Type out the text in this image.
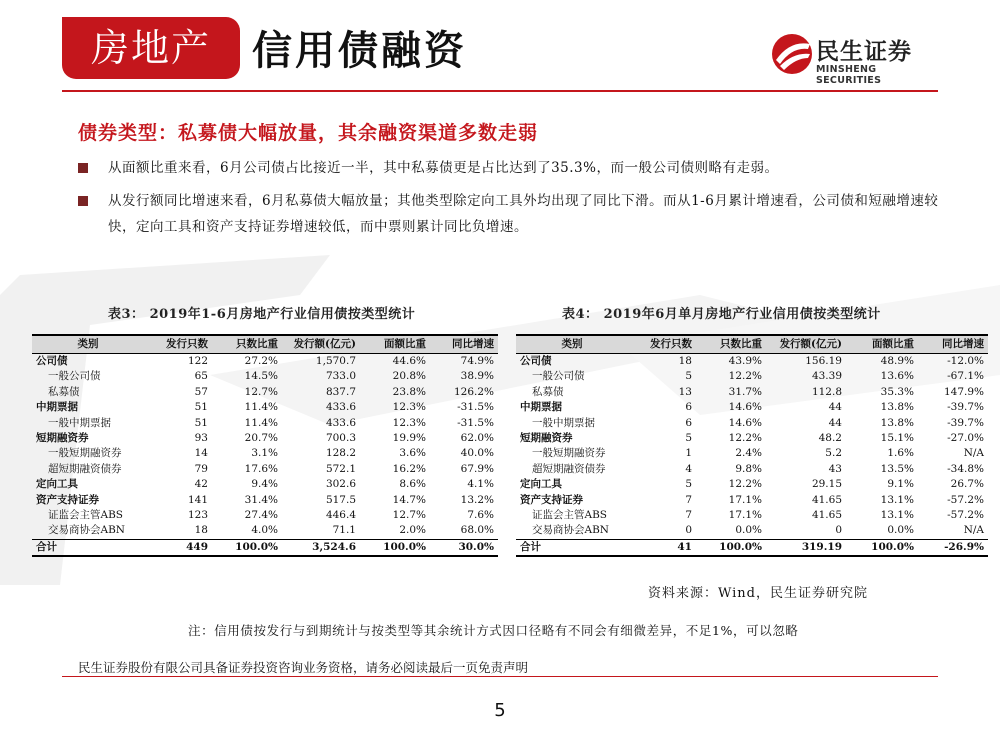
房地产	信用债融资	民生证券
MINSHENG SECURITIES
债券类型：私募债大幅放量，其余融资渠道多数走弱
从面额比重来看，6月公司债占比接近一半，其中私募债更是占比达到了35.3%，而一般公司债则略有走弱。
从发行额同比增速来看，6月私募债大幅放量；其他类型除定向工具外均出现了同比下滑。而从1-6月累计增速看，公司债和短融增速较快，定向工具和资产支持证券增速较低，而中票则累计同比负增速。
表3： 2019年1-6月房地产行业信用债按类型统计	表4： 2019年6月单月房地产行业信用债按类型统计
类别	发行只数	只数比重	发行额(亿元)	面额比重	同比增速
公司债	122	27.2%	1,570.7	44.6%	74.9%
一般公司债	65	14.5%	733.0	20.8%	38.9%
私募债	57	12.7%	837.7	23.8%	126.2%
中期票据	51	11.4%	433.6	12.3%	-31.5%
一般中期票据	51	11.4%	433.6	12.3%	-31.5%
短期融资券	93	20.7%	700.3	19.9%	62.0%
一般短期融资券	14	3.1%	128.2	3.6%	40.0%
超短期融资债券	79	17.6%	572.1	16.2%	67.9%
定向工具	42	9.4%	302.6	8.6%	4.1%
资产支持证券	141	31.4%	517.5	14.7%	13.2%
证监会主管ABS	123	27.4%	446.4	12.7%	7.6%
交易商协会ABN	18	4.0%	71.1	2.0%	68.0%
合计	449	100.0%	3,524.6	100.0%	30.0%
类别	发行只数	只数比重	发行额(亿元)	面额比重	同比增速
公司债	18	43.9%	156.19	48.9%	-12.0%
一般公司债	5	12.2%	43.39	13.6%	-67.1%
私募债	13	31.7%	112.8	35.3%	147.9%
中期票据	6	14.6%	44	13.8%	-39.7%
一般中期票据	6	14.6%	44	13.8%	-39.7%
短期融资券	5	12.2%	48.2	15.1%	-27.0%
一般短期融资券	1	2.4%	5.2	1.6%	N/A
超短期融资债券	4	9.8%	43	13.5%	-34.8%
定向工具	5	12.2%	29.15	9.1%	26.7%
资产支持证券	7	17.1%	41.65	13.1%	-57.2%
证监会主管ABS	7	17.1%	41.65	13.1%	-57.2%
交易商协会ABN	0	0.0%	0	0.0%	N/A
合计	41	100.0%	319.19	100.0%	-26.9%
资料来源：Wind，民生证券研究院
注：信用债按发行与到期统计与按类型等其余统计方式因口径略有不同会有细微差异，不足1%，可以忽略
民生证券股份有限公司具备证券投资咨询业务资格，请务必阅读最后一页免责声明
5
